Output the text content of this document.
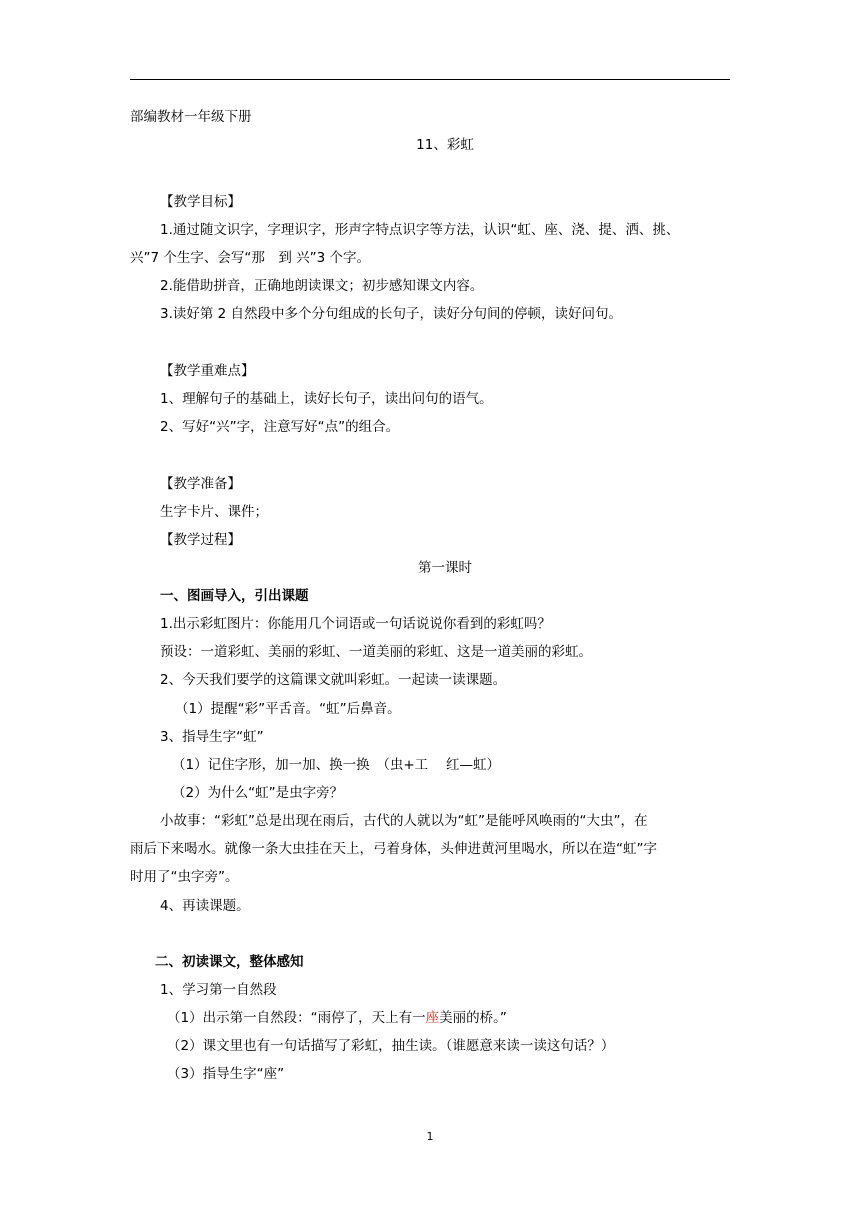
部编教材一年级下册
11、彩虹
【教学目标】
1.通过随文识字，字理识字，形声字特点识字等方法，认识“虹、座、浇、提、洒、挑、
兴”7 个生字、会写“那　到 兴”3 个字。
2.能借助拼音，正确地朗读课文；初步感知课文内容。
3.读好第 2 自然段中多个分句组成的长句子，读好分句间的停顿，读好问句。
【教学重难点】
1、理解句子的基础上，读好长句子，读出问句的语气。
2、写好“兴”字，注意写好“点”的组合。
【教学准备】
生字卡片、课件；
【教学过程】
第一课时
一、图画导入，引出课题
1.出示彩虹图片：你能用几个词语或一句话说说你看到的彩虹吗？
预设：一道彩虹、美丽的彩虹、一道美丽的彩虹、这是一道美丽的彩虹。
2、今天我们要学的这篇课文就叫彩虹。一起读一读课题。
（1）提醒“彩”平舌音。“虹”后鼻音。
3、指导生字“虹”
（1）记住字形，加一加、换一换　（虫+工　 红—虹）
（2）为什么“虹”是虫字旁？
小故事：“彩虹”总是出现在雨后，古代的人就以为“虹”是能呼风唤雨的“大虫”，在
雨后下来喝水。就像一条大虫挂在天上，弓着身体，头伸进黄河里喝水，所以在造“虹”字
时用了“虫字旁”。
4、再读课题。
二、初读课文，整体感知
1、学习第一自然段
（1）出示第一自然段：“雨停了，天上有一座美丽的桥。”
（2）课文里也有一句话描写了彩虹，抽生读。（谁愿意来读一读这句话？）
（3）指导生字“座”
1
